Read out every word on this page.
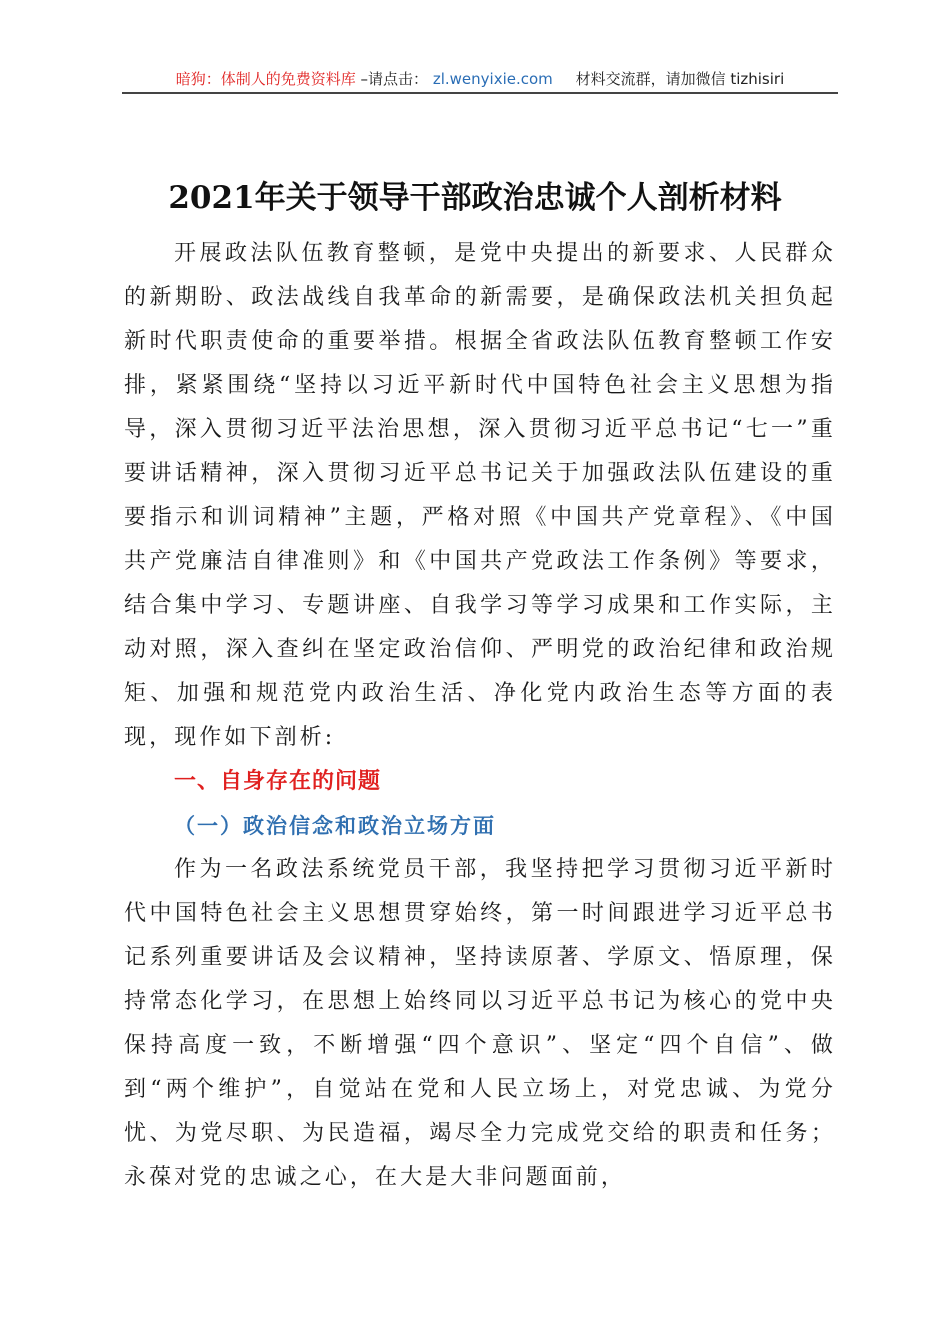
暗狗：体制人的免费资料库 –请点击： zl.wenyixie.com 材料交流群，请加微信 tizhisiri
2021年关于领导干部政治忠诚个人剖析材料

开展政法队伍教育整顿，是党中央提出的新要求、人民群众的新期盼、政法战线自我革命的新需要，是确保政法机关担负起新时代职责使命的重要举措。根据全省政法队伍教育整顿工作安排，紧紧围绕“坚持以习近平新时代中国特色社会主义思想为指导，深入贯彻习近平法治思想，深入贯彻习近平总书记“七一”重要讲话精神，深入贯彻习近平总书记关于加强政法队伍建设的重要指示和训词精神”主题，严格对照《中国共产党章程》、《中国共产党廉洁自律准则》和《中国共产党政法工作条例》等要求，结合集中学习、专题讲座、自我学习等学习成果和工作实际，主动对照，深入查纠在坚定政治信仰、严明党的政治纪律和政治规矩、加强和规范党内政治生活、净化党内政治生态等方面的表现，现作如下剖析:

一、自身存在的问题
（一）政治信念和政治立场方面

作为一名政法系统党员干部，我坚持把学习贯彻习近平新时代中国特色社会主义思想贯穿始终，第一时间跟进学习近平总书记系列重要讲话及会议精神，坚持读原著、学原文、悟原理，保持常态化学习，在思想上始终同以习近平总书记为核心的党中央保持高度一致，不断增强“四个意识”、坚定“四个自信”、做到“两个维护”，自觉站在党和人民立场上，对党忠诚、为党分忧、为党尽职、为民造福，竭尽全力完成党交给的职责和任务；永葆对党的忠诚之心，在大是大非问题面前，
